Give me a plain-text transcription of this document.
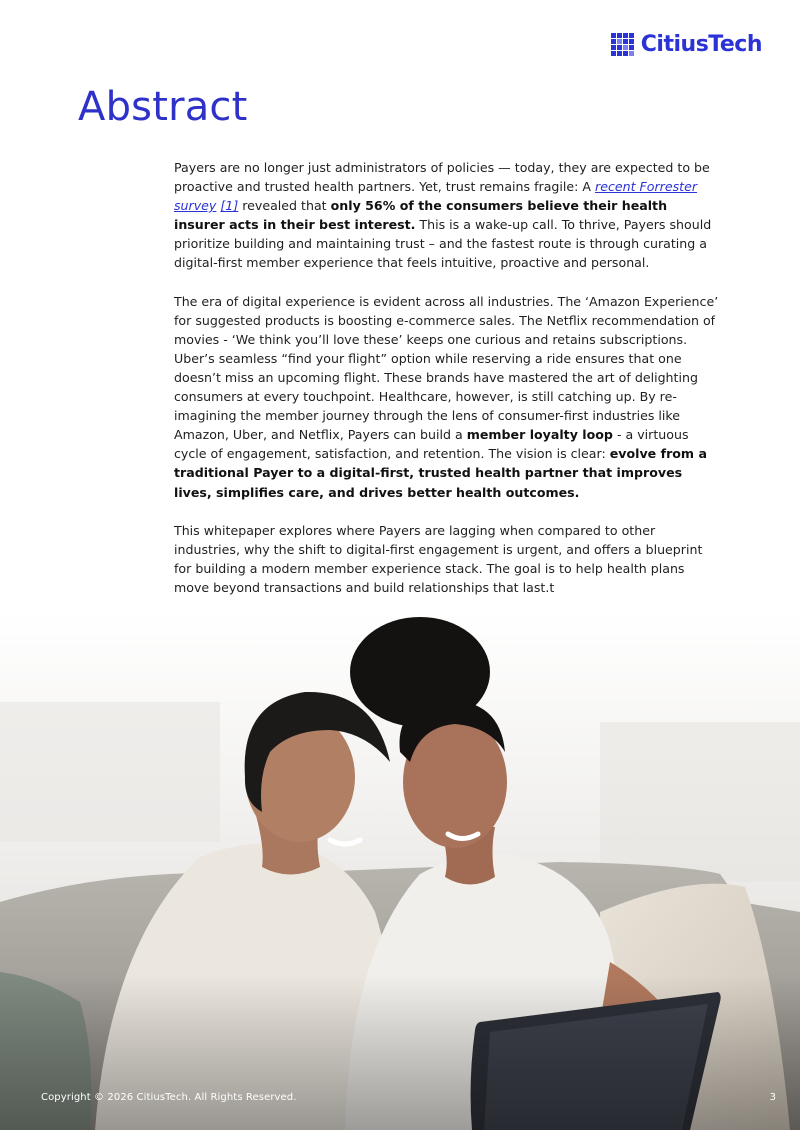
CitiusTech
Abstract

Payers are no longer just administrators of policies — today, they are expected to be proactive and trusted health partners. Yet, trust remains fragile: A recent Forrester survey [1] revealed that only 56% of the consumers believe their health insurer acts in their best interest. This is a wake-up call. To thrive, Payers should prioritize building and maintaining trust – and the fastest route is through curating a digital-first member experience that feels intuitive, proactive and personal.

The era of digital experience is evident across all industries. The ‘Amazon Experience’ for suggested products is boosting e-commerce sales. The Netflix recommendation of movies - ‘We think you’ll love these’ keeps one curious and retains subscriptions. Uber’s seamless “find your flight” option while reserving a ride ensures that one doesn’t miss an upcoming flight. These brands have mastered the art of delighting consumers at every touchpoint. Healthcare, however, is still catching up. By re-imagining the member journey through the lens of consumer-first industries like Amazon, Uber, and Netflix, Payers can build a member loyalty loop - a virtuous cycle of engagement, satisfaction, and retention. The vision is clear: evolve from a traditional Payer to a digital-first, trusted health partner that improves lives, simplifies care, and drives better health outcomes.

This whitepaper explores where Payers are lagging when compared to other industries, why the shift to digital-first engagement is urgent, and offers a blueprint for building a modern member experience stack. The goal is to help health plans move beyond transactions and build relationships that last.t

Copyright © 2026 CitiusTech. All Rights Reserved.	3
